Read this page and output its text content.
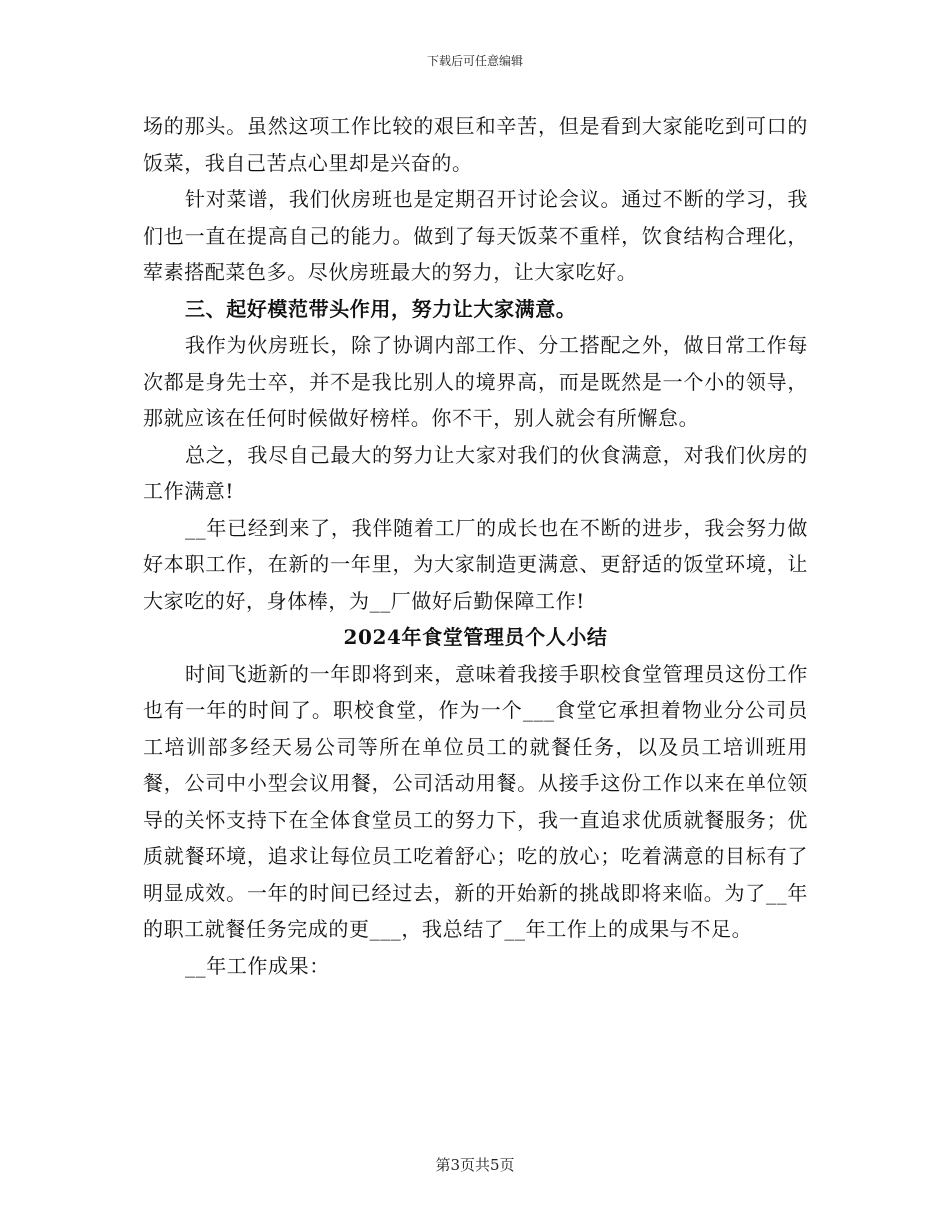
下载后可任意编辑

场的那头。虽然这项工作比较的艰巨和辛苦，但是看到大家能吃到可口的饭菜，我自己苦点心里却是兴奋的。

针对菜谱，我们伙房班也是定期召开讨论会议。通过不断的学习，我们也一直在提高自己的能力。做到了每天饭菜不重样，饮食结构合理化，荤素搭配菜色多。尽伙房班最大的努力，让大家吃好。

三、起好模范带头作用，努力让大家满意。

我作为伙房班长，除了协调内部工作、分工搭配之外，做日常工作每次都是身先士卒，并不是我比别人的境界高，而是既然是一个小的领导，那就应该在任何时候做好榜样。你不干，别人就会有所懈怠。

总之，我尽自己最大的努力让大家对我们的伙食满意，对我们伙房的工作满意!

__年已经到来了，我伴随着工厂的成长也在不断的进步，我会努力做好本职工作，在新的一年里，为大家制造更满意、更舒适的饭堂环境，让大家吃的好，身体棒，为__厂做好后勤保障工作!

2024年食堂管理员个人小结

时间飞逝新的一年即将到来，意味着我接手职校食堂管理员这份工作也有一年的时间了。职校食堂，作为一个___食堂它承担着物业分公司员工培训部多经天易公司等所在单位员工的就餐任务，以及员工培训班用餐，公司中小型会议用餐，公司活动用餐。从接手这份工作以来在单位领导的关怀支持下在全体食堂员工的努力下，我一直追求优质就餐服务；优质就餐环境，追求让每位员工吃着舒心；吃的放心；吃着满意的目标有了明显成效。一年的时间已经过去，新的开始新的挑战即将来临。为了__年的职工就餐任务完成的更___，我总结了__年工作上的成果与不足。

__年工作成果：

第3页共5页
